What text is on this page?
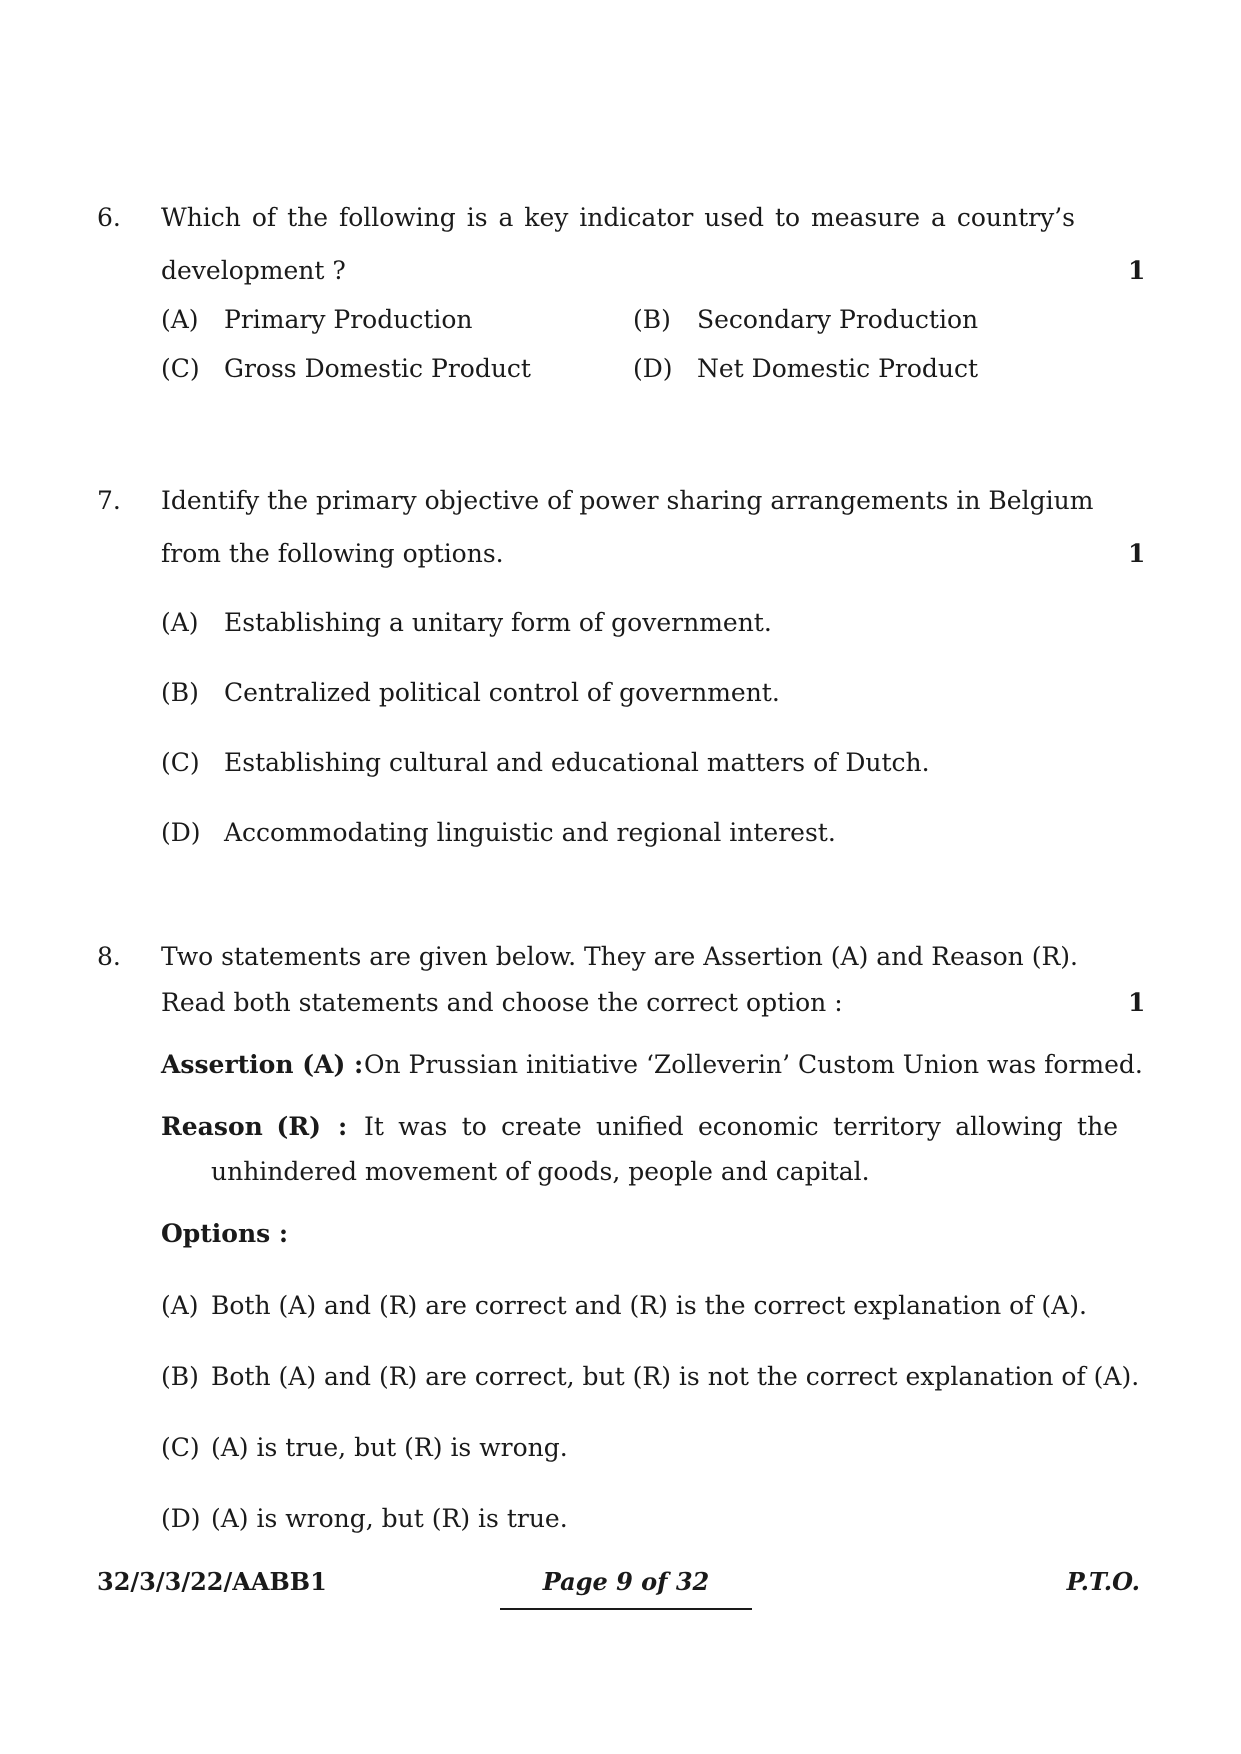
6. Which of the following is a key indicator used to measure a country’s
development ?	1
(A) Primary Production	(B) Secondary Production
(C) Gross Domestic Product	(D) Net Domestic Product
7. Identify the primary objective of power sharing arrangements in Belgium
from the following options.	1
(A) Establishing a unitary form of government.
(B) Centralized political control of government.
(C) Establishing cultural and educational matters of Dutch.
(D) Accommodating linguistic and regional interest.
8. Two statements are given below. They are Assertion (A) and Reason (R).
Read both statements and choose the correct option :	1
Assertion (A) : On Prussian initiative ‘Zolleverin’ Custom Union was formed.
Reason (R) : It was to create unified economic territory allowing the
unhindered movement of goods, people and capital.
Options :
(A) Both (A) and (R) are correct and (R) is the correct explanation of (A).
(B) Both (A) and (R) are correct, but (R) is not the correct explanation of (A).
(C) (A) is true, but (R) is wrong.
(D) (A) is wrong, but (R) is true.
32/3/3/22/AABB1	Page 9 of 32	P.T.O.
